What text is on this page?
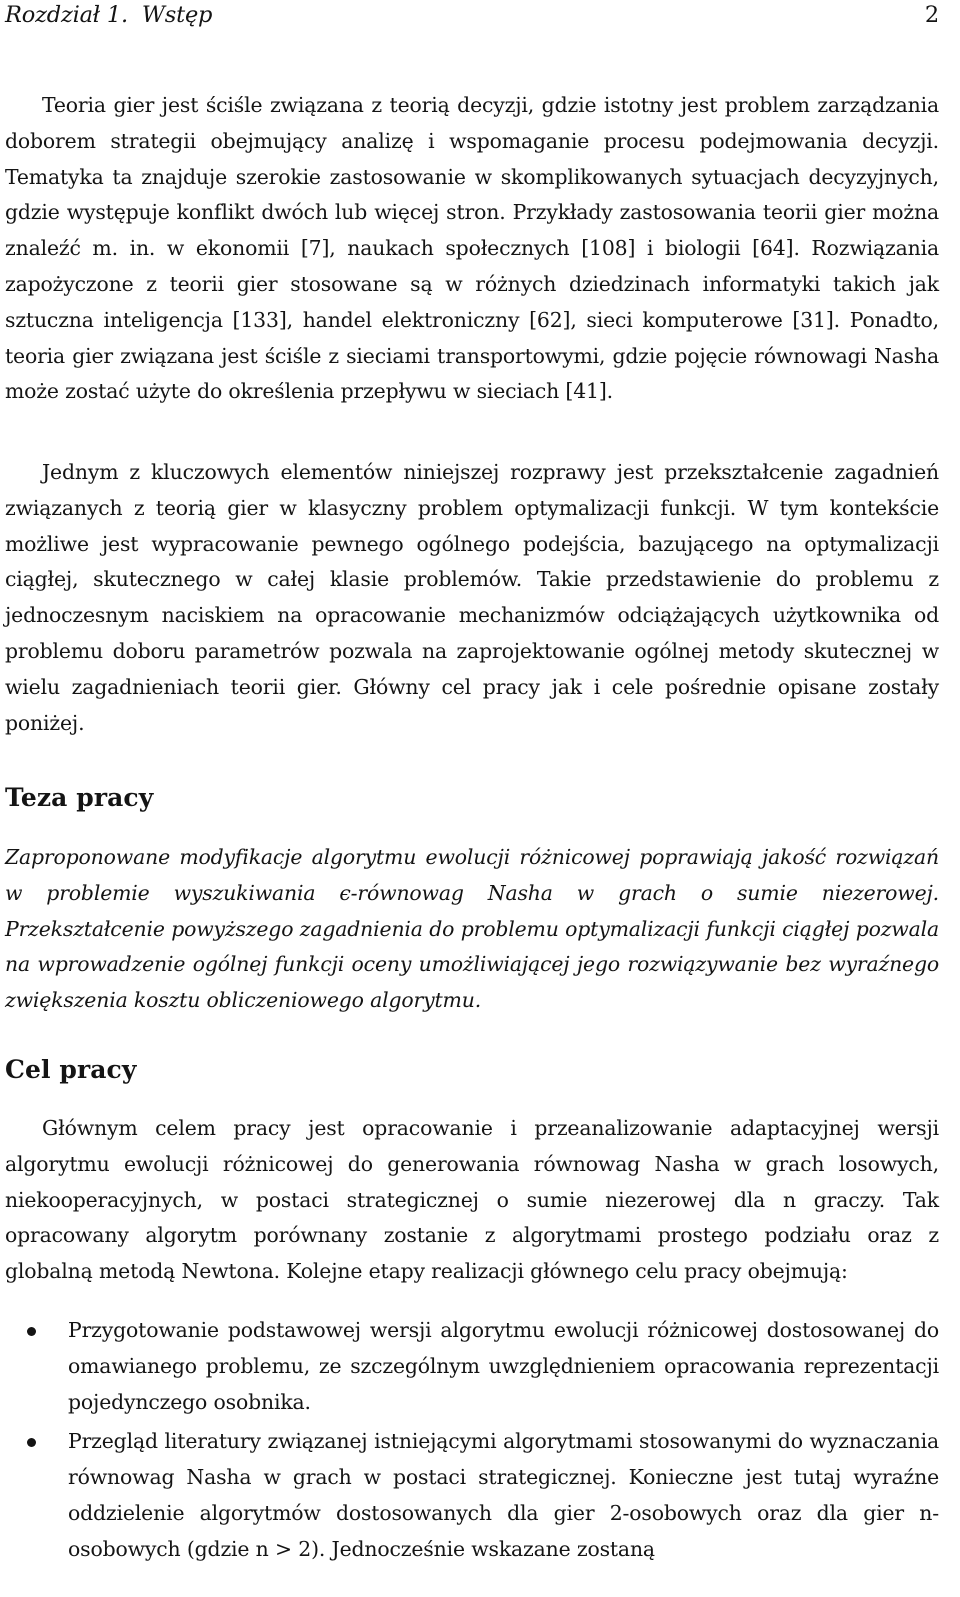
Rozdział 1.  Wstęp	2

Teoria gier jest ściśle związana z teorią decyzji, gdzie istotny jest problem zarządzania doborem strategii obejmujący analizę i wspomaganie procesu podejmowania decyzji. Tematyka ta znajduje szerokie zastosowanie w skomplikowanych sytuacjach decyzyjnych, gdzie występuje konflikt dwóch lub więcej stron. Przykłady zastosowania teorii gier można znaleźć m. in. w ekonomii [7], naukach społecznych [108] i biologii [64]. Rozwiązania zapożyczone z teorii gier stosowane są w różnych dziedzinach informatyki takich jak sztuczna inteligencja [133], handel elektroniczny [62], sieci komputerowe [31]. Ponadto, teoria gier związana jest ściśle z sieciami transportowymi, gdzie pojęcie równowagi Nasha może zostać użyte do określenia przepływu w sieciach [41].

Jednym z kluczowych elementów niniejszej rozprawy jest przekształcenie zagadnień związanych z teorią gier w klasyczny problem optymalizacji funkcji. W tym kontekście możliwe jest wypracowanie pewnego ogólnego podejścia, bazującego na optymalizacji ciągłej, skutecznego w całej klasie problemów. Takie przedstawienie do problemu z jednoczesnym naciskiem na opracowanie mechanizmów odciążających użytkownika od problemu doboru parametrów pozwala na zaprojektowanie ogólnej metody skutecznej w wielu zagadnieniach teorii gier. Główny cel pracy jak i cele pośrednie opisane zostały poniżej.

Teza pracy

Zaproponowane modyfikacje algorytmu ewolucji różnicowej poprawiają jakość rozwiązań w problemie wyszukiwania ϵ-równowag Nasha w grach o sumie niezerowej. Przekształcenie powyższego zagadnienia do problemu optymalizacji funkcji ciągłej pozwala na wprowadzenie ogólnej funkcji oceny umożliwiającej jego rozwiązywanie bez wyraźnego zwiększenia kosztu obliczeniowego algorytmu.

Cel pracy

Głównym celem pracy jest opracowanie i przeanalizowanie adaptacyjnej wersji algorytmu ewolucji różnicowej do generowania równowag Nasha w grach losowych, niekooperacyjnych, w postaci strategicznej o sumie niezerowej dla n graczy. Tak opracowany algorytm porównany zostanie z algorytmami prostego podziału oraz z globalną metodą Newtona. Kolejne etapy realizacji głównego celu pracy obejmują:

Przygotowanie podstawowej wersji algorytmu ewolucji różnicowej dostosowanej do omawianego problemu, ze szczególnym uwzględnieniem opracowania reprezentacji pojedynczego osobnika.
Przegląd literatury związanej istniejącymi algorytmami stosowanymi do wyznaczania równowag Nasha w grach w postaci strategicznej. Konieczne jest tutaj wyraźne oddzielenie algorytmów dostosowanych dla gier 2-osobowych oraz dla gier n-osobowych (gdzie n > 2). Jednocześnie wskazane zostaną
